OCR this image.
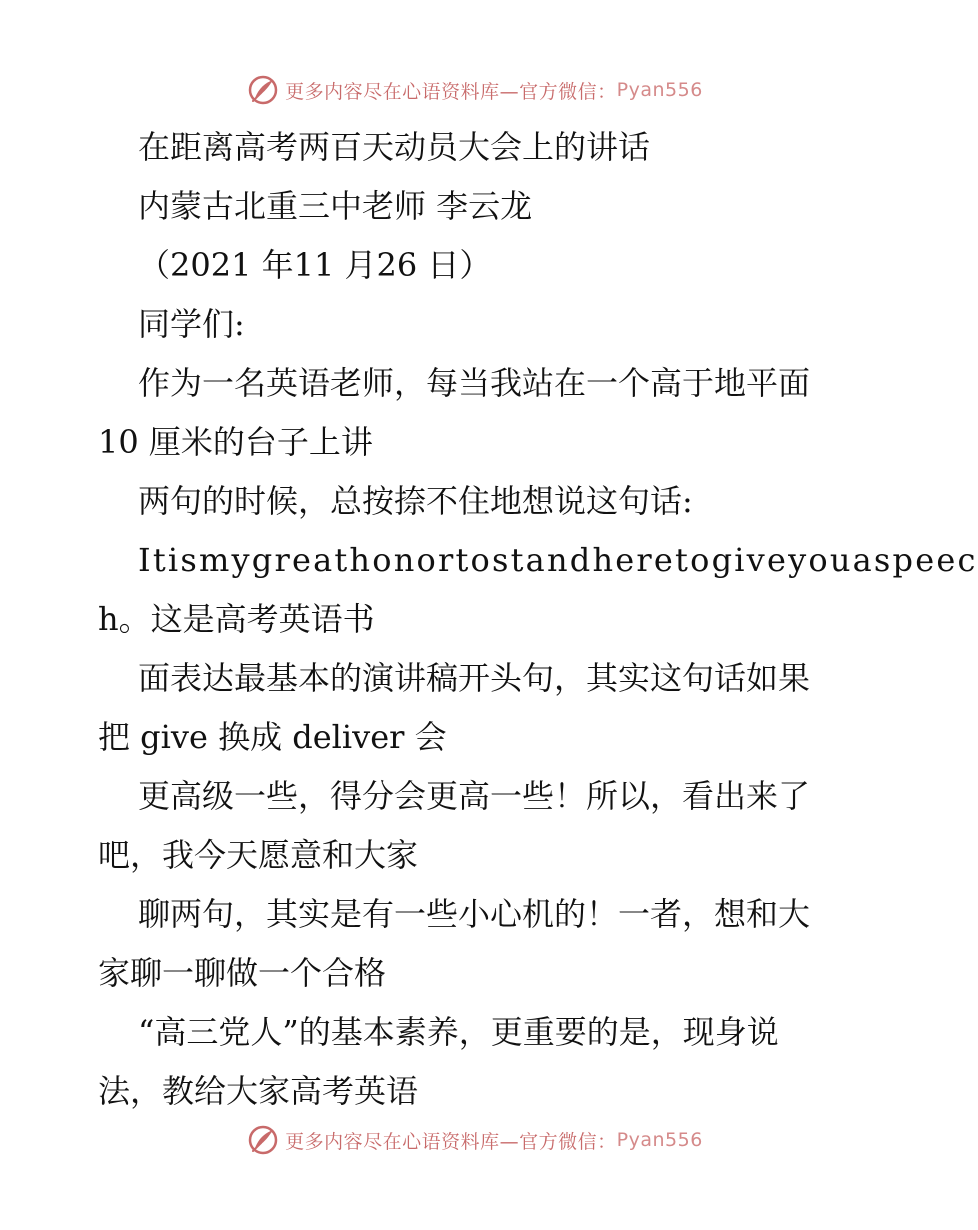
更多内容尽在心语资料库—官方微信： Pyan556
在距离高考两百天动员大会上的讲话
内蒙古北重三中老师 李云龙
（2021 年11 月26 日）
同学们:
作为一名英语老师，每当我站在一个高于地平面
10 厘米的台子上讲
两句的时候，总按捺不住地想说这句话:
Itismygreathonortostandheretogiveyouaspeec
h。这是高考英语书
面表达最基本的演讲稿开头句，其实这句话如果
把 give 换成 deliver 会
更高级一些，得分会更高一些！所以，看出来了
吧，我今天愿意和大家
聊两句，其实是有一些小心机的！一者，想和大
家聊一聊做一个合格
“高三党人”的基本素养，更重要的是，现身说
法，教给大家高考英语
更多内容尽在心语资料库—官方微信： Pyan556
